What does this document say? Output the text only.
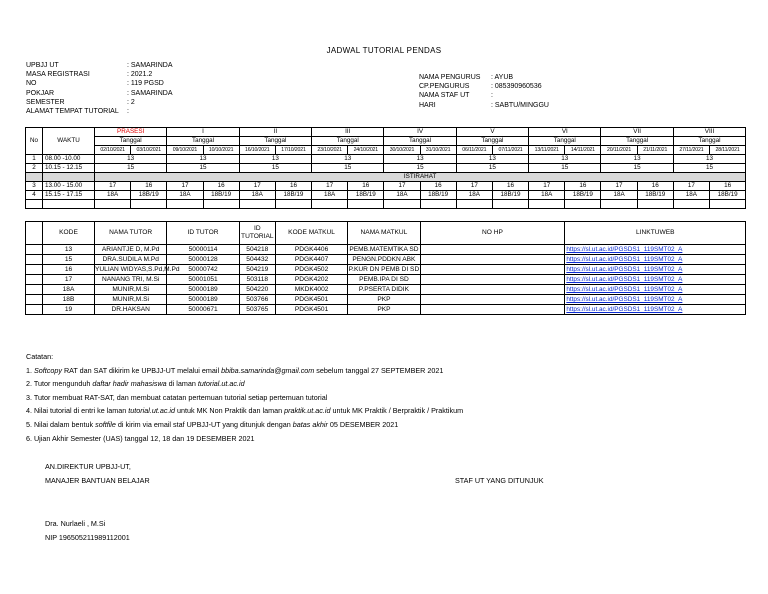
JADWAL TUTORIAL PENDAS
UPBJJ UT	: SAMARINDA
MASA REGISTRASI	: 2021.2
NO	: 119 PGSD
POKJAR	: SAMARINDA
SEMESTER	: 2
ALAMAT TEMPAT TUTORIAL :
NAMA PENGURUS : AYUB
CP.PENGURUS	: 085390960536
NAMA STAF UT	:
HARI	: SABTU/MINGGU
No	WAKTU	PRASESI		I		II		III		IV		V		VI		VII		VIII	
		Tanggal		Tanggal		Tanggal		Tanggal		Tanggal		Tanggal		Tanggal		Tanggal		Tanggal	
		02/10/2021	03/10/2021	09/10/2021	10/10/2021	16/10/2021	17/10/2021	23/10/2021	24/10/2021	30/10/2021	31/10/2021	06/11/2021	07/11/2021	13/11/2021	14/11/2021	20/11/2021	21/11/2021	27/11/2021	28/11/2021
1	08.00 -10.00	13		13		13		13		13		13		13		13		13	
2	10.15 - 12.15	15		15		15		15		15		15		15		15		15	
		ISTIRAHAT																	
3	13.00 - 15.00	17	16	17	16	17	16	17	16	17	16	17	16	17	16	17	16	17	16
4	15.15 - 17.15	18A	18B/19	18A	18B/19	18A	18B/19	18A	18B/19	18A	18B/19	18A	18B/19	18A	18B/19	18A	18B/19	18A	18B/19

	KODE	NAMA TUTOR	ID TUTOR	ID TUTORIAL	KODE MATKUL	NAMA MATKUL	NO HP	LINKTUWEB
	13	ARIANTJE D, M.Pd	50000114	504218	PDGK4406	PEMB.MATEMTIKA SD		https://sl.ut.ac.id/PGSDS1_119SMT02_A
	15	DRA.SUDILA M.Pd	50000128	504432	PDGK4407	PENGN.PDDKN ABK		https://sl.ut.ac.id/PGSDS1_119SMT02_A
	16	YULIAN WIDYAS,S.Pd,M.Pd	50000742	504219	PDGK4502	P.KUR DN PEMB DI SD		https://sl.ut.ac.id/PGSDS1_119SMT02_A
	17	NANANG TRI, M.Si	50001051	503118	PDGK4202	PEMB.IPA DI SD		https://sl.ut.ac.id/PGSDS1_119SMT02_A
	18A	MUNIR,M.Si	50000189	504220	MKDK4002	P.PSERTA DIDIK		https://sl.ut.ac.id/PGSDS1_119SMT02_A
	18B	MUNIR,M.Si	50000189	503766	PDGK4501	PKP		https://sl.ut.ac.id/PGSDS1_119SMT02_A
	19	DR.HAKSAN	50000671	503765	PDGK4501	PKP		https://sl.ut.ac.id/PGSDS1_119SMT02_A
Catatan:
1. Softcopy RAT dan SAT dikirim ke UPBJJ-UT melalui email bbiba.samarinda@gmail.com sebelum tanggal 27 SEPTEMBER 2021
2. Tutor mengunduh daftar hadir mahasiswa di laman tutorial.ut.ac.id
3. Tutor membuat RAT-SAT, dan membuat catatan pertemuan tutorial setiap pertemuan tutorial
4. Nilai tutorial di entri ke laman tutorial.ut.ac.id untuk MK Non Praktik dan laman praktik.ut.ac.id untuk MK Praktik / Berpraktik / Praktikum
5. Nilai dalam bentuk softfile di kirim via email staf UPBJJ-UT yang ditunjuk dengan batas akhir 05 DESEMBER 2021
6. Ujian Akhir Semester (UAS) tanggal 12, 18 dan 19 DESEMBER 2021
AN.DIREKTUR UPBJJ-UT,
MANAJER BANTUAN BELAJAR	STAF UT YANG DITUNJUK
Dra. Nurlaeli , M.Si
NIP 196505211989112001
